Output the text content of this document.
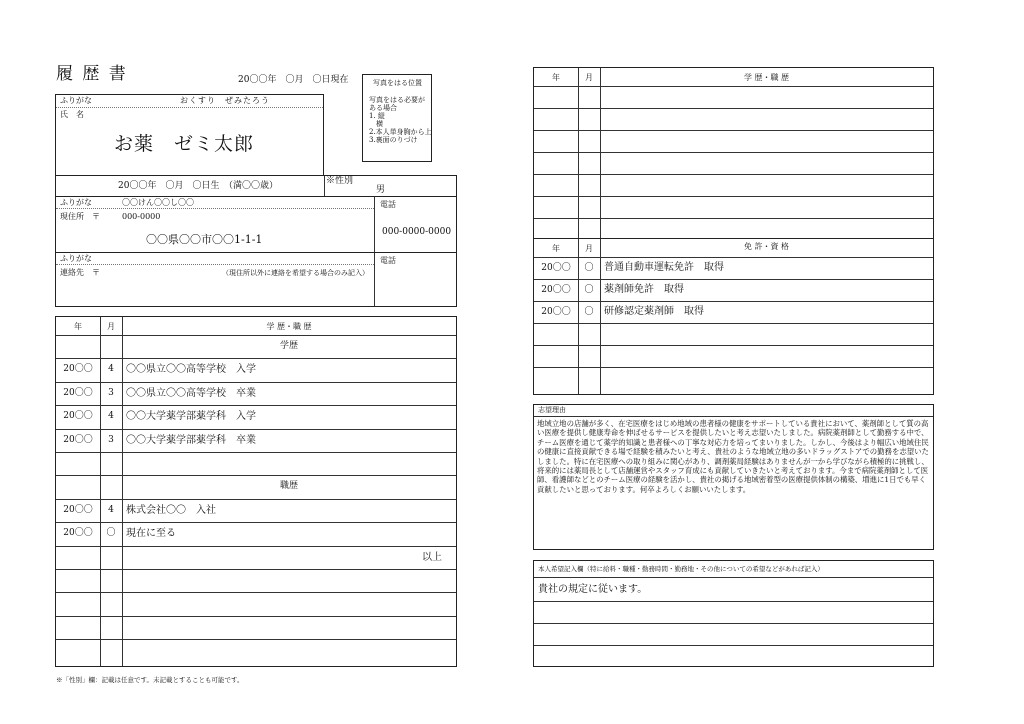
履 歴 書	20〇〇年　〇月　〇日現在	写真をはる位置
写真をはる必要が
ある場合
1. 縦
　横
2.本人単身胸から上
3.裏面のりづけ
ふりがな	おくすり　ぜみたろう
氏　名
お薬　ゼミ太郎
20〇〇年　〇月　〇日生　（満〇〇歳）	※性別
男
ふりがな	〇〇けん〇〇し〇〇
現住所　〒	000-0000
〇〇県〇〇市〇〇1-1-1
電話
000-0000-0000
ふりがな
連絡先　〒	（現住所以外に連絡を希望する場合のみ記入）
電話
年	月	学 歴・職 歴
学歴
20〇〇	4	〇〇県立〇〇高等学校　入学
20〇〇	3	〇〇県立〇〇高等学校　卒業
20〇〇	4	〇〇大学薬学部薬学科　入学
20〇〇	3	〇〇大学薬学部薬学科　卒業
職歴
20〇〇	4	株式会社〇〇　入社
20〇〇	〇	現在に至る
以上
※「性別」欄：記載は任意です。未記載とすることも可能です。
年	月	学 歴・職 歴
年	月	免 許・資 格
20〇〇	〇	普通自動車運転免許　取得
20〇〇	〇	薬剤師免許　取得
20〇〇	〇	研修認定薬剤師　取得
志望理由
地域立地の店舗が多く、在宅医療をはじめ地域の患者様の健康をサポートしている貴社において、薬剤師として質の高い医療を提供し健康寿命を伸ばせるサービスを提供したいと考え志望いたしました。病院薬剤師として勤務する中で、チーム医療を通じて薬学的知識と患者様への丁寧な対応力を培ってまいりました。しかし、今後はより幅広い地域住民の健康に直接貢献できる場で経験を積みたいと考え、貴社のような地域立地の多いドラッグストアでの勤務を志望いたしました。特に在宅医療への取り組みに関心があり、調剤薬局経験はありませんが一から学びながら積極的に挑戦し、将来的には薬局長として店舗運営やスタッフ育成にも貢献していきたいと考えております。今まで病院薬剤師として医師、看護師などとのチーム医療の経験を活かし、貴社の掲げる地域密着型の医療提供体制の構築、増進に1日でも早く貢献したいと思っております。何卒よろしくお願いいたします。
本人希望記入欄（特に給料・職種・勤務時間・勤務地・その他についての希望などがあれば記入）
貴社の規定に従います。
